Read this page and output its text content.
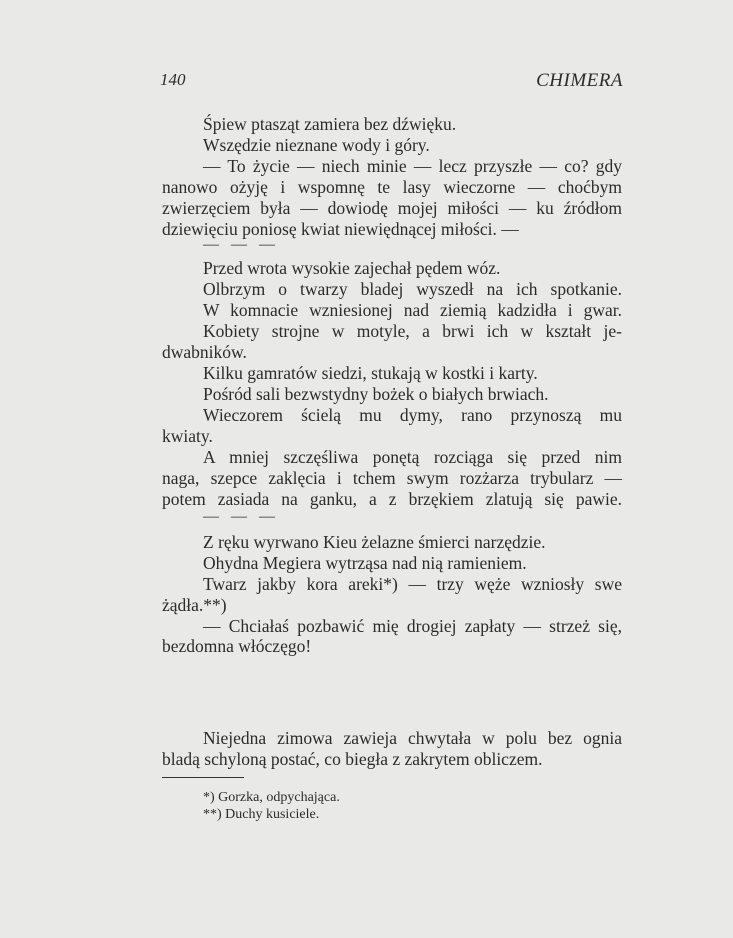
140	CHIMERA
Śpiew ptasząt zamiera bez dźwięku.
Wszędzie nieznane wody i góry.
— To życie — niech minie — lecz przyszłe — co? gdy
nanowo ożyję i wspomnę te lasy wieczorne — choćbym
zwierzęciem była — dowiodę mojej miłości — ku źródłom
dziewięciu poniosę kwiat niewiędnącej miłości. —
— — —
Przed wrota wysokie zajechał pędem wóz.
Olbrzym o twarzy bladej wyszedł na ich spotkanie.
W komnacie wzniesionej nad ziemią kadzidła i gwar.
Kobiety strojne w motyle, a brwi ich w kształt je-
dwabników.
Kilku gamratów siedzi, stukają w kostki i karty.
Pośród sali bezwstydny bożek o białych brwiach.
Wieczorem ścielą mu dymy, rano przynoszą mu
kwiaty.
A mniej szczęśliwa ponętą rozciąga się przed nim
naga, szepce zaklęcia i tchem swym rozżarza trybularz —
potem zasiada na ganku, a z brzękiem zlatują się pawie.
— — —
Z ręku wyrwano Kieu żelazne śmierci narzędzie.
Ohydna Megiera wytrząsa nad nią ramieniem.
Twarz jakby kora areki*) — trzy węże wzniosły swe
żądła.**)
— Chciałaś pozbawić mię drogiej zapłaty — strzeż się,
bezdomna włóczęgo!
Niejedna zimowa zawieja chwytała w polu bez ognia
bladą schyloną postać, co biegła z zakrytem obliczem.
*) Gorzka, odpychająca.
**) Duchy kusiciele.
